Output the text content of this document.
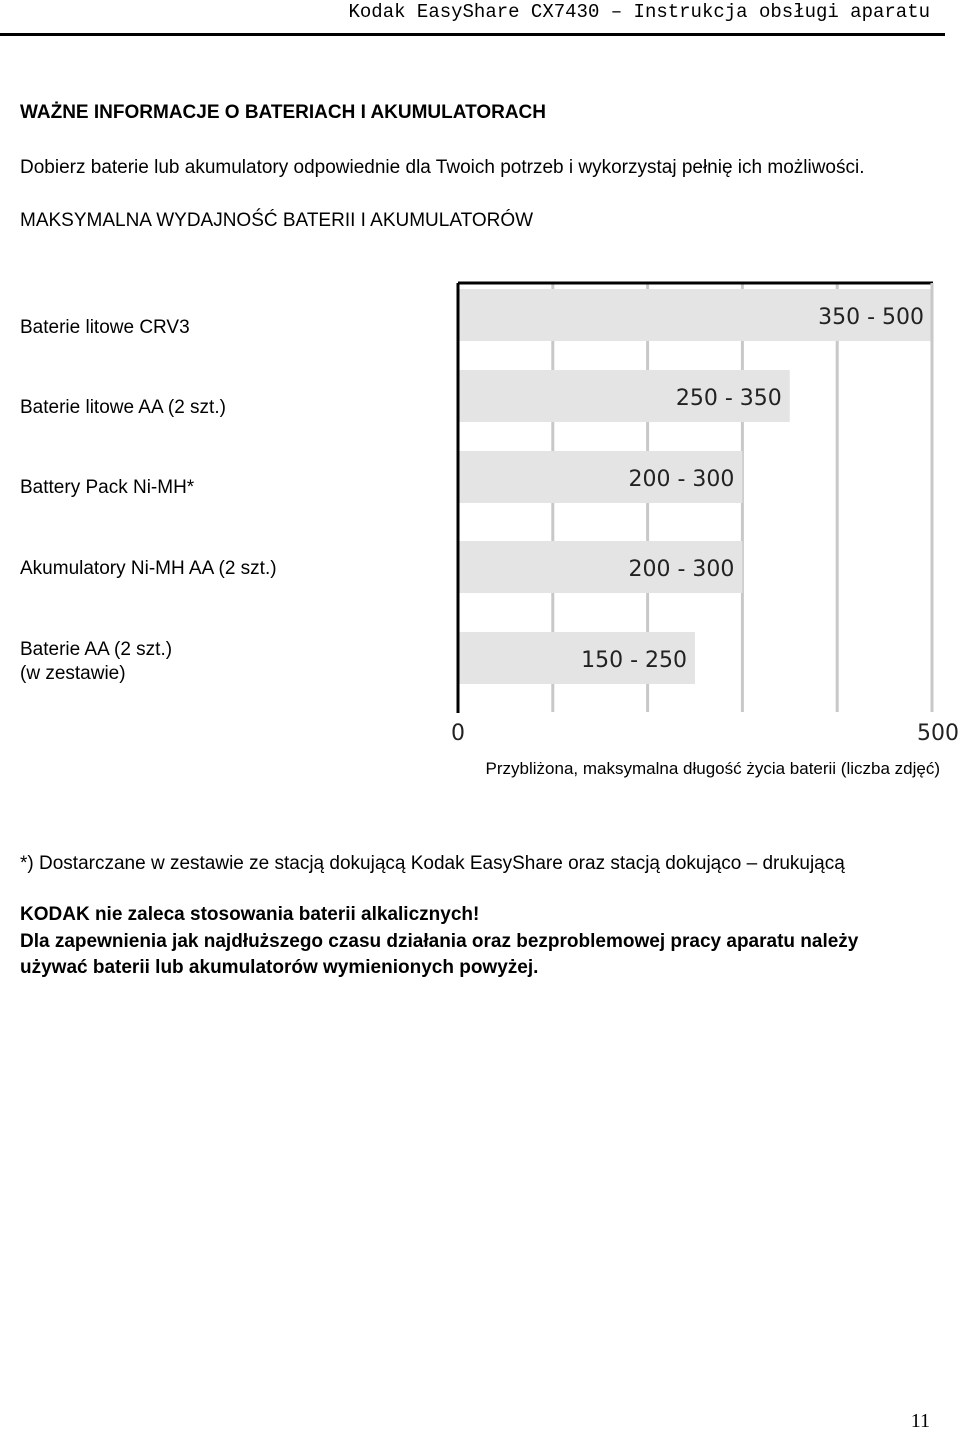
Kodak EasyShare CX7430 – Instrukcja obsługi aparatu
WAŻNE INFORMACJE O BATERIACH I AKUMULATORACH
Dobierz baterie lub akumulatory odpowiednie dla Twoich potrzeb i wykorzystaj pełnię ich możliwości.
MAKSYMALNA WYDAJNOŚĆ BATERII I AKUMULATORÓW
Baterie litowe CRV3
Baterie litowe AA (2 szt.)
Battery Pack Ni-MH*
Akumulatory Ni-MH AA (2 szt.)
Baterie AA (2 szt.)
(w zestawie)
350 - 500
250 - 350
200 - 300
200 - 300
150 - 250
0	500
Przybliżona, maksymalna długość życia baterii (liczba zdjęć)
*) Dostarczane w zestawie ze stacją dokującą Kodak EasyShare oraz stacją dokująco – drukującą
KODAK nie zaleca stosowania baterii alkalicznych!
Dla zapewnienia jak najdłuższego czasu działania oraz bezproblemowej pracy aparatu należy
używać baterii lub akumulatorów wymienionych powyżej.
11
